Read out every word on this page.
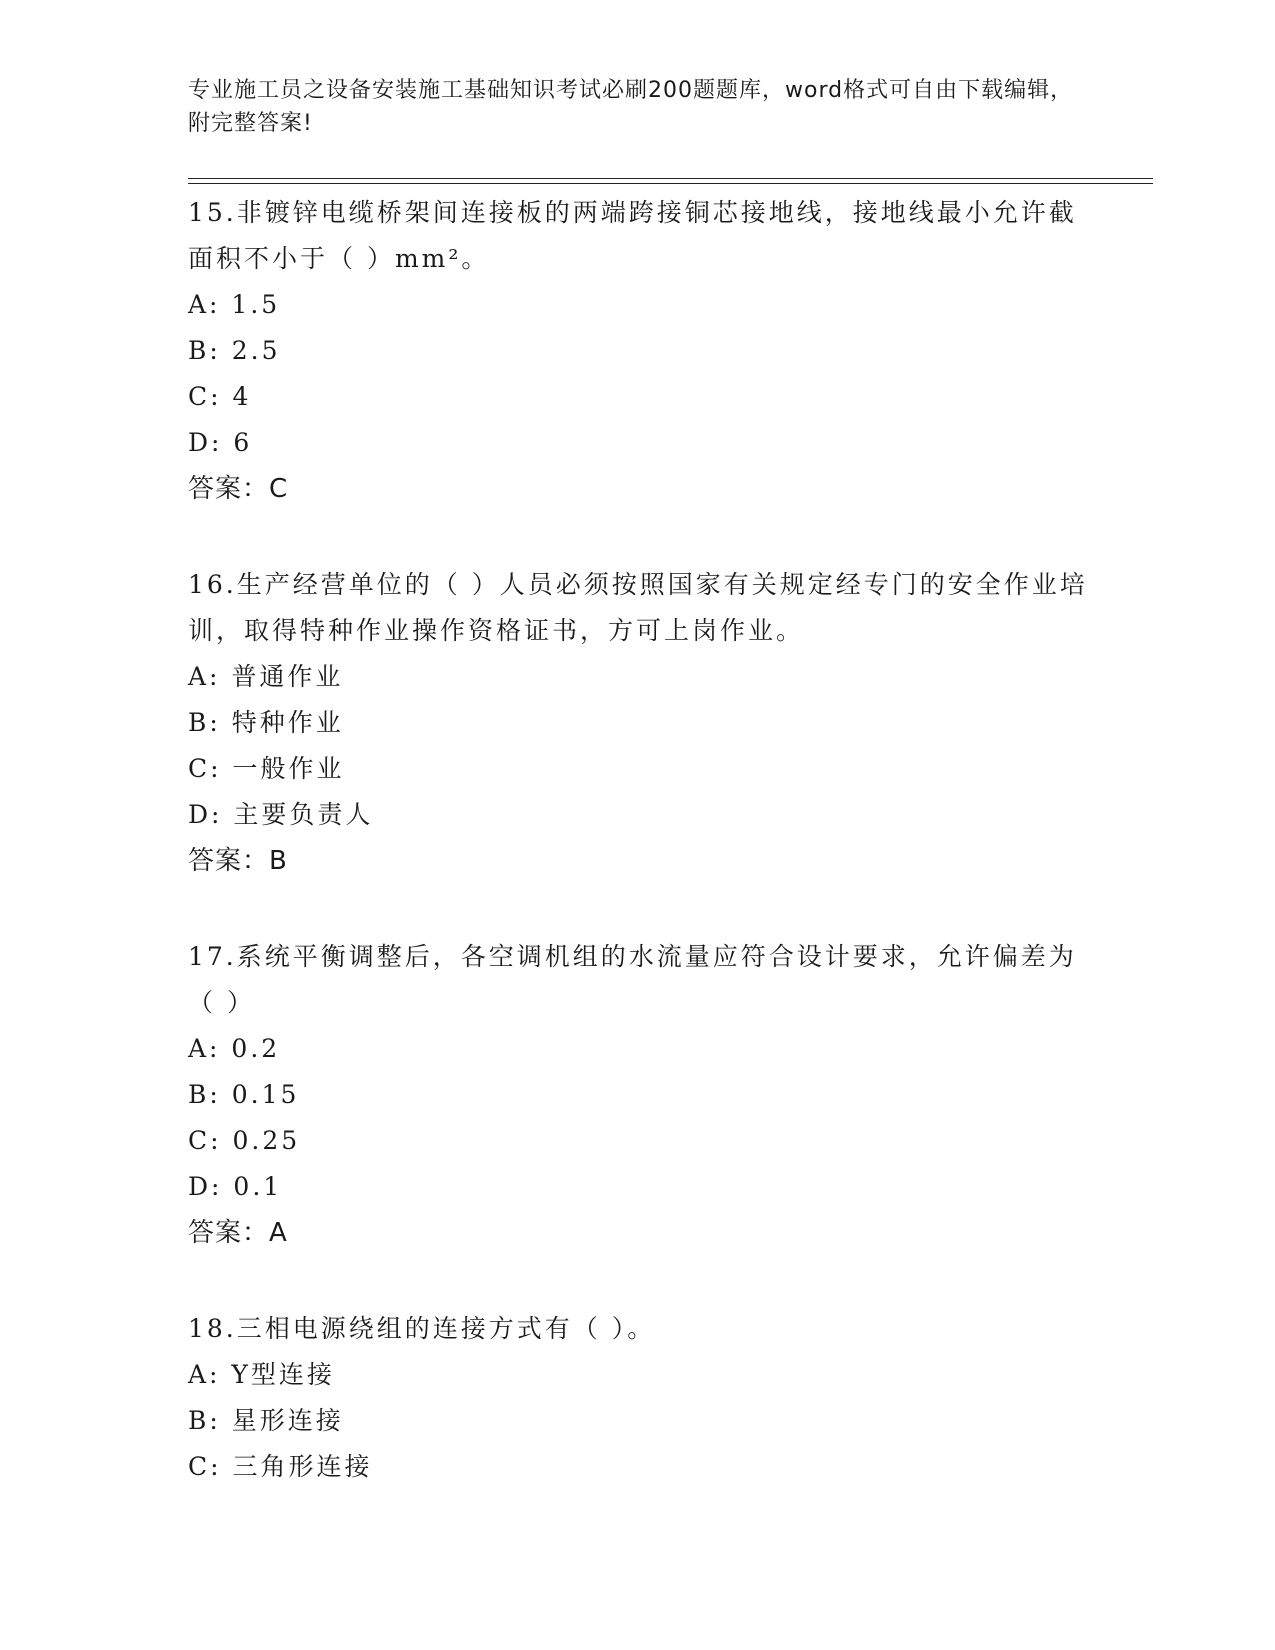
专业施工员之设备安装施工基础知识考试必刷200题题库，word格式可自由下载编辑，附完整答案!
15.非镀锌电缆桥架间连接板的两端跨接铜芯接地线，接地线最小允许截面积不小于（ ）mm²。
A: 1.5
B: 2.5
C: 4
D: 6
答案：C
16.生产经营单位的（ ）人员必须按照国家有关规定经专门的安全作业培训，取得特种作业操作资格证书，方可上岗作业。
A: 普通作业
B: 特种作业
C: 一般作业
D: 主要负责人
答案：B
17.系统平衡调整后，各空调机组的水流量应符合设计要求，允许偏差为（ ）
A: 0.2
B: 0.15
C: 0.25
D: 0.1
答案：A
18.三相电源绕组的连接方式有（ ）。
A: Y型连接
B: 星形连接
C: 三角形连接
